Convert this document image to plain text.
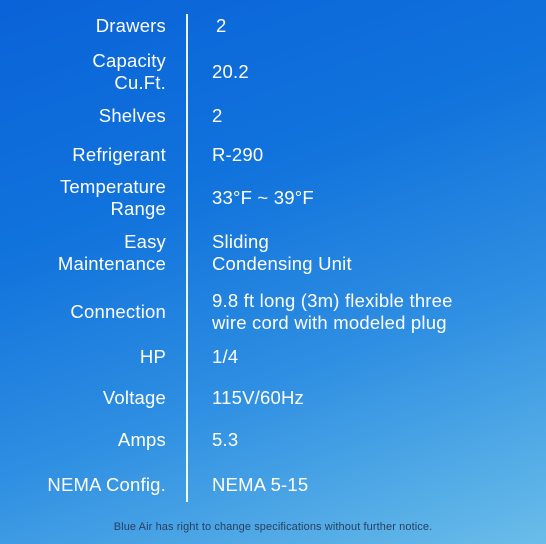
Drawers	2
Capacity
Cu.Ft.
20.2
Shelves 2
Refrigerant R-290
Temperature
Range
33°F ~ 39°F
Easy
Maintenance
Sliding
Condensing Unit
Connection
9.8 ft long (3m) flexible three
wire cord with modeled plug
HP 1/4
Voltage 115V/60Hz
Amps 5.3
NEMA Config. NEMA 5-15
Blue Air has right to change specifications without further notice.
